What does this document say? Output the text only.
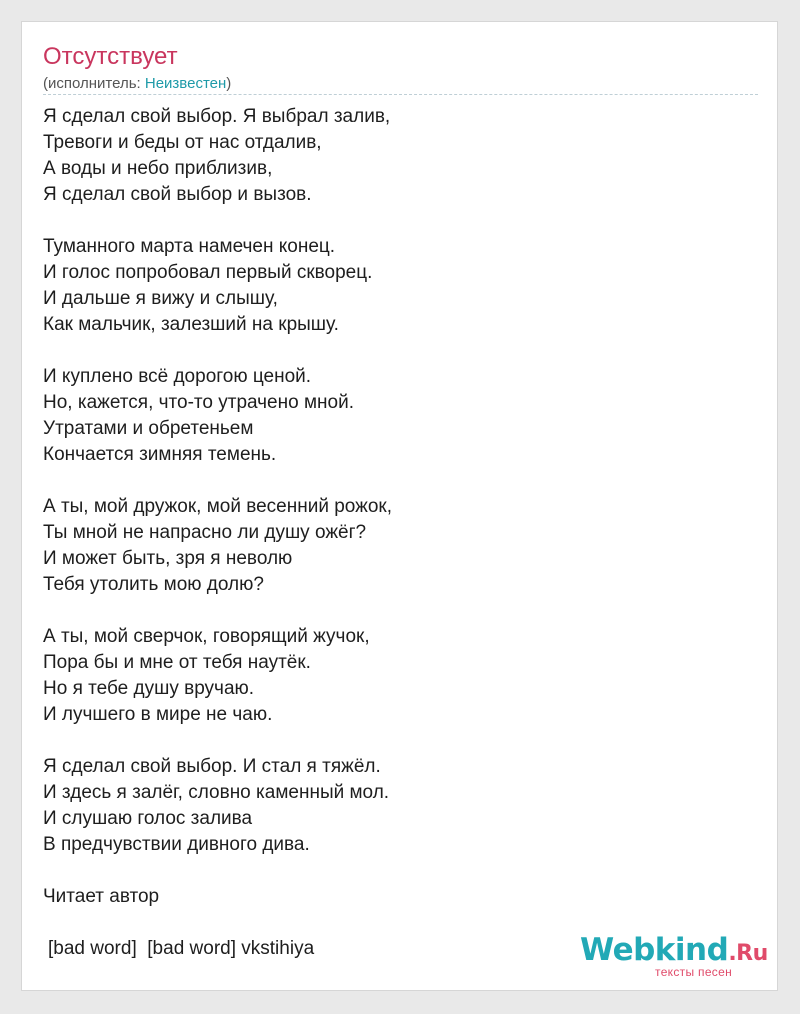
Отсутствует
(исполнитель: Неизвестен)
Я сделал свой выбор. Я выбрал залив,
Тревоги и беды от нас отдалив,
А воды и небо приблизив,
Я сделал свой выбор и вызов.
Туманного марта намечен конец.
И голос попробовал первый скворец.
И дальше я вижу и слышу,
Как мальчик, залезший на крышу.
И куплено всё дорогою ценой.
Но, кажется, что-то утрачено мной.
Утратами и обретеньем
Кончается зимняя темень.
А ты, мой дружок, мой весенний рожок,
Ты мной не напрасно ли душу ожёг?
И может быть, зря я неволю
Тебя утолить мою долю?
А ты, мой сверчок, говорящий жучок,
Пора бы и мне от тебя наутёк.
Но я тебе душу вручаю.
И лучшего в мире не чаю.
Я сделал свой выбор. И стал я тяжёл.
И здесь я залёг, словно каменный мол.
И слушаю голос залива
В предчувствии дивного дива.
Читает автор
[bad word]  [bad word] vkstihiya	Webkind.Ru
тексты песен
